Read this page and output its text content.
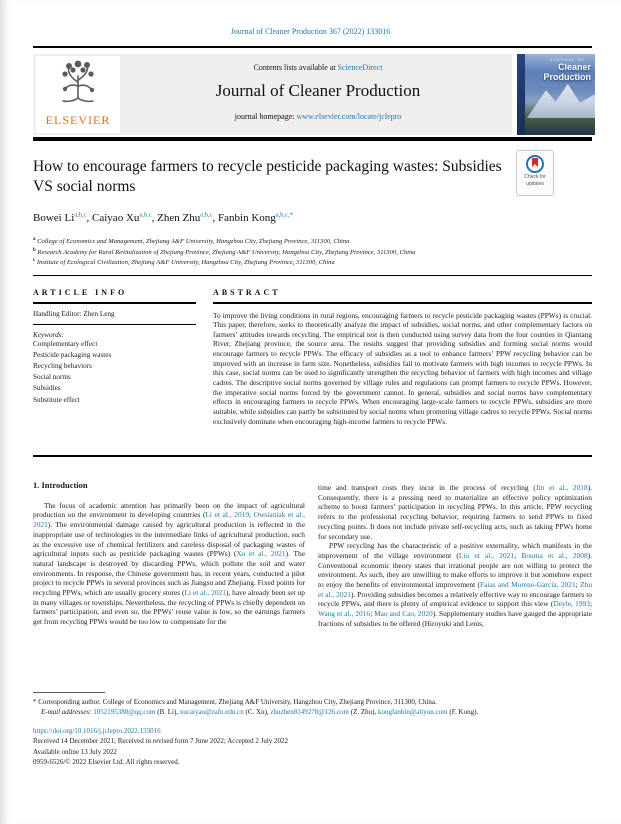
Journal of Cleaner Production 367 (2022) 133016
ELSEVIER
Contents lists available at ScienceDirect
Journal of Cleaner Production
journal homepage: www.elsevier.com/locate/jclepro
JOURNAL OF
Cleaner
Production
How to encourage farmers to recycle pesticide packaging wastes: Subsidies VS social norms
Check for
updates
Bowei Li$^{a,b,c}$, Caiyao Xu$^{a,b,c}$, Zhen Zhu$^{a,b,c}$, Fanbin Kong$^{a,b,c,*}$
$^a$ College of Economics and Management, Zhejiang A&F University, Hangzhou City, Zhejiang Province, 311300, China
$^b$ Research Academy for Rural Revitalization of Zhejiang Province, Zhejiang A&F University, Hangzhou City, Zhejiang Province, 311300, China
$^c$ Institute of Ecological Civilization, Zhejiang A&F University, Hangzhou City, Zhejiang Province, 311300, China
ARTICLE INFO
Handling Editor: Zhen Leng
Keywords:
Complementary effect
Pesticide packaging wastes
Recycling behaviors
Social norms
Subsidies
Substitute effect
ABSTRACT
To improve the living conditions in rural regions, encouraging farmers to recycle pesticide packaging wastes (PPWs) is crucial. This paper, therefore, seeks to theoretically analyze the impact of subsidies, social norms, and other complementary factors on farmers’ attitudes towards recycling. The empirical test is then conducted using survey data from the four counties in Qiantang River, Zhejiang province, the source area. The results suggest that providing subsidies and forming social norms would encourage farmers to recycle PPWs. The efficacy of subsidies as a tool to enhance farmers’ PPW recycling behavior can be improved with an increase in farm size. Nonetheless, subsidies fail to motivate farmers with high incomes to recycle PPWs. In this case, social norms can be used to significantly strengthen the recycling behavior of farmers with high incomes and village cadres. The descriptive social norms governed by village rules and regulations can prompt farmers to recycle PPWs. However, the imperative social norms forced by the government cannot. In general, subsidies and social norms have complementary effects in encouraging farmers to recycle PPWs. When encouraging large-scale farmers to recycle PPWs, subsidies are more suitable, while subsidies can partly be substituted by social norms when promoting village cadres to recycle PPWs. Social norms exclusively dominate when encouraging high-income farmers to recycle PPWs.
1. Introduction

The focus of academic attention has primarily been on the impact of agricultural production on the environment in developing countries (Li et al., 2019; Owsianiak et al., 2021). The environmental damage caused by agricultural production is reflected in the inappropriate use of technologies in the intermediate links of agricultural production, such as the excessive use of chemical fertilizers and careless disposal of packaging wastes of agricultural inputs such as pesticide packaging wastes (PPWs) (Xu et al., 2021). The natural landscape is destroyed by discarding PPWs, which pollute the soil and water environments. In response, the Chinese government has, in recent years, conducted a pilot project to recycle PPWs in several provinces such as Jiangsu and Zhejiang. Fixed points for recycling PPWs, which are usually grocery stores (Li et al., 2021), have already been set up in many villages or townships. Nevertheless, the recycling of PPWs is chiefly dependent on farmers’ participation, and even so, the PPWs’ reuse value is low, so the earnings farmers get from recycling PPWs would be too low to compensate for the

time and transport costs they incur in the process of recycling (Jin et al., 2018). Consequently, there is a pressing need to materialize an effective policy optimization scheme to boost farmers’ participation in recycling PPWs. In this article, PPW recycling refers to the professional recycling behavior, requiring farmers to send PPWs to fixed recycling points. It does not include private self-recycling acts, such as taking PPWs home for secondary use.

PPW recycling has the characteristic of a positive externality, which manifests in the improvement of the village environment (Liu et al., 2021; Bouma et al., 2008). Conventional economic theory states that irrational people are not willing to protect the environment. As such, they are unwilling to make efforts to improve it but somehow expect to enjoy the benefits of environmental improvement (Faias and Moreno-García, 2021; Zhu et al., 2021). Providing subsidies becomes a relatively effective way to encourage farmers to recycle PPWs, and there is plenty of empirical evidence to support this view (Deyle, 1993; Wang et al., 2016; Mao and Cao, 2020). Supplementary studies have gauged the appropriate fractions of subsidies to be offered (Hiroyuki and Lenis,

* Corresponding author. College of Economics and Management, Zhejiang A&F University, Hangzhou City, Zhejiang Province, 311300, China.
E-mail addresses: 1052195380@qq.com (B. Li), xucaiyao@zafu.edu.cn (C. Xu), zhuzhen8149278@126.com (Z. Zhu), kongfanbin@aliyun.com (F. Kong).
https://doi.org/10.1016/j.jclepro.2022.133016
Received 14 December 2021; Received in revised form 7 June 2022; Accepted 2 July 2022
Available online 13 July 2022
0959-6526/© 2022 Elsevier Ltd. All rights reserved.
